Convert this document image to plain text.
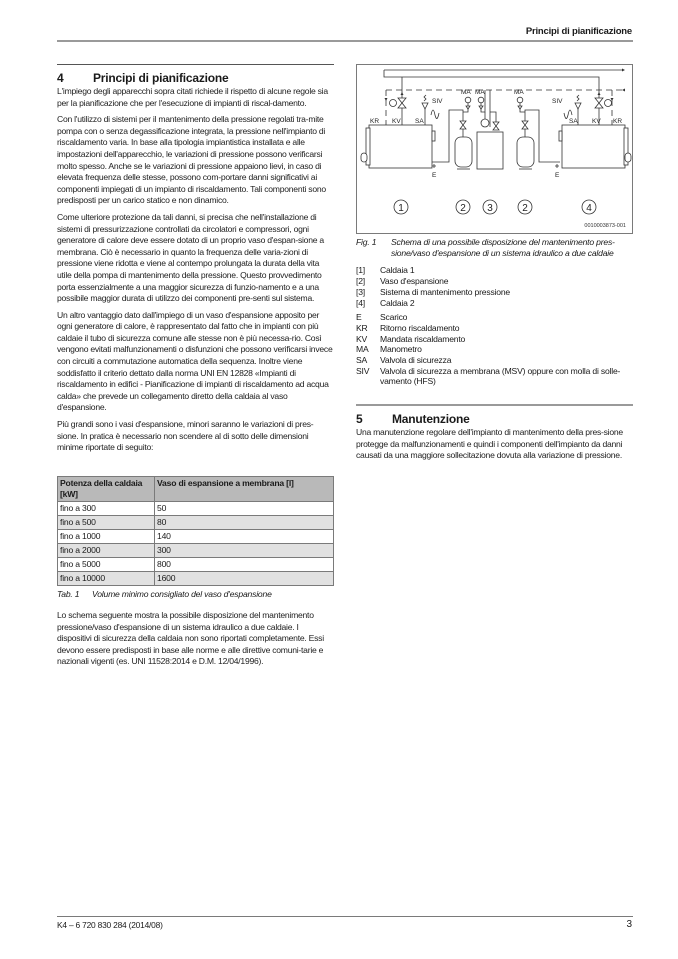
Principi di pianificazione
4	Principi di pianificazione

L'impiego degli apparecchi sopra citati richiede il rispetto di alcune regole sia per la pianificazione che per l'esecuzione di impianti di riscal-damento.

Con l'utilizzo di sistemi per il mantenimento della pressione regolati tra-mite pompa con o senza degassificazione integrata, la pressione nell'impianto di riscaldamento varia. In base alla tipologia impiantistica installata e alle impostazioni dell'apparecchio, le variazioni di pressione possono verificarsi molto spesso. Anche se le variazioni di pressione appaiono lievi, in caso di elevata frequenza delle stesse, possono com-portare danni significativi ai componenti impiegati di un impianto di riscaldamento. Tali componenti sono predisposti per un carico statico e non dinamico.

Come ulteriore protezione da tali danni, si precisa che nell'installazione di sistemi di pressurizzazione controllati da circolatori e compressori, ogni generatore di calore deve essere dotato di un proprio vaso d'espan-sione a membrana. Ciò è necessario in quanto la frequenza delle varia-zioni di pressione viene ridotta e viene al contempo prolungata la durata della vita utile della pompa di mantenimento della pressione. Questo provvedimento porta essenzialmente a una maggior sicurezza di funzio-namento e a una possibile maggior durata di utilizzo dei componenti pre-senti sul sistema.

Un altro vantaggio dato dall'impiego di un vaso d'espansione apposito per ogni generatore di calore, è rappresentato dal fatto che in impianti con più caldaie il tubo di sicurezza comune alle stesse non è più necessa-rio. Così vengono evitati malfunzionamenti o disfunzioni che possono verificarsi invece con circuiti a commutazione automatica della sequenza. Inoltre viene soddisfatto il criterio dettato dalla norma UNI EN 12828 «Impianti di riscaldamento in edifici - Pianificazione di impianti di riscaldamento ad acqua calda» che prevede un collegamento diretto della caldaia al vaso d'espansione.

Più grandi sono i vasi d'espansione, minori saranno le variazioni di pres-sione. In pratica è necessario non scendere al di sotto delle dimensioni minime riportate di seguito:

Potenza della caldaia [kW]	Vaso di espansione a membrana [l]
fino a 300	50
fino a 500	80
fino a 1000	140
fino a 2000	300
fino a 5000	800
fino a 10000	1600
Tab. 1	Volume minimo consigliato del vaso d'espansione

Lo schema seguente mostra la possibile disposizione del mantenimento pressione/vaso d'espansione di un sistema idraulico a due caldaie. I dispositivi di sicurezza della caldaia non sono riportati completamente. Essi devono essere predisposti in base alle norme e alle direttive comuni-tarie e nazionali vigenti (es. UNI 11528:2014 e D.M. 12/04/1996).

KR KV SA
SIV
MA MA	MA
SIV
SA KV KR
E	E
1	2 3	2	4
0010003873-001
Fig. 1	Schema di una possibile disposizione del mantenimento pres-sione/vaso d'espansione di un sistema idraulico a due caldaie
[1]	Caldaia 1
[2]	Vaso d'espansione
[3]	Sistema di mantenimento pressione
[4]	Caldaia 2
E	Scarico
KR	Ritorno riscaldamento
KV	Mandata riscaldamento
MA	Manometro
SA	Valvola di sicurezza
SIV	Valvola di sicurezza a membrana (MSV) oppure con molla di solle-vamento (HFS)
5	Manutenzione

Una manutenzione regolare dell'impianto di mantenimento della pres-sione protegge da malfunzionamenti e quindi i componenti dell'impianto da danni causati da una maggiore sollecitazione dovuta alla variazione di pressione.

K4 – 6 720 830 284 (2014/08)	3
